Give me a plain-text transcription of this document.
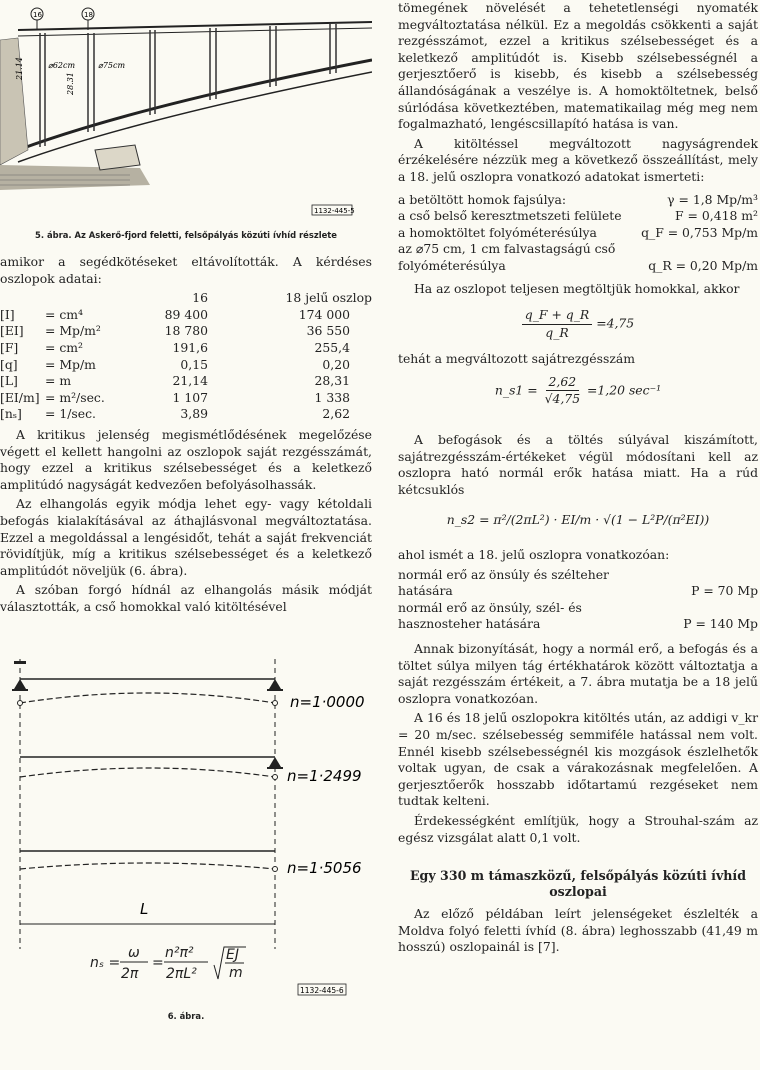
16	18
21.14
28.31
⌀62cm	⌀75cm
1132-445-5
5. ábra. Az Askerő-fjord feletti, felsőpályás közúti ívhíd részlete

amikor a segédkötéseket eltávolították. A kérdéses oszlopok adatai:

		16	18 jelű oszlop
[I]	= cm⁴	89 400	174 000
[EI]	= Mp/m²	18 780	36 550
[F]	= cm²	191,6	255,4
[q]	= Mp/m	0,15	0,20
[L]	= m	21,14	28,31
[EI/m]	= m²/sec.	1 107	1 338
[nₛ]	= 1/sec.	3,89	2,62

A kritikus jelenség megismétlődésének megelőzése végett el kellett hangolni az oszlopok saját rezgésszámát, hogy ezzel a kritikus szélsebességet és a keletkező amplitúdó nagyságát kedvezően befolyásolhassák.

Az elhangolás egyik módja lehet egy- vagy kétoldali befogás kialakításával az áthajlásvonal megváltoztatása. Ezzel a megoldással a lengésidőt, tehát a saját frekvenciát rövidítjük, míg a kritikus szélsebességet és a keletkező amplitúdót növeljük (6. ábra).

A szóban forgó hídnál az elhangolás másik módját választották, a cső homokkal való kitöltésével

n=1·0000
n=1·2499
n=1·5056
L
nₛ =
ω
2π
=
n²π²
2πL²
EJ
m
1132-445-6
6. ábra.

tömegének növelését a tehetetlenségi nyomaték megváltoztatása nélkül. Ez a megoldás csökkenti a saját rezgésszámot, ezzel a kritikus szélsebességet és a keletkező amplitúdót is. Kisebb szélsebességnél a gerjesztőerő is kisebb, és kisebb a szélsebesség állandóságának a veszélye is. A homoktöltetnek, belső súrlódása következtében, matematikailag még meg nem fogalmazható, lengéscsillapító hatása is van.

A kitöltéssel megváltozott nagyságrendek érzékelésére nézzük meg a következő összeállítást, mely a 18. jelű oszlopra vonatkozó adatokat ismerteti:

a betöltött homok fajsúlya:	γ = 1,8 Mp/m³
a cső belső keresztmetszeti felülete	F = 0,418 m²
a homoktöltet folyóméterésúlya	q_F = 0,753 Mp/m
az ⌀75 cm, 1 cm falvastagságú cső folyóméterésúlya	q_R = 0,20 Mp/m

Ha az oszlopot teljesen megtöltjük homokkal, akkor

$\frac{q\_F + q\_R}{q\_R} =4,75$

tehát a megváltozott sajátrezgésszám

n_s1 = $\frac{2,62}{√4,75} =1,20$ sec⁻¹

A befogások és a töltés súlyával kiszámított, sajátrezgésszám-értékeket végül módosítani kell az oszlopra ható normál erők hatása miatt. Ha a rúd kétcsuklós

n_s2 = π²/(2πL²) · EI/m · √(1 − L²P/(π²EI))

ahol ismét a 18. jelű oszlopra vonatkozóan:

normál erő az önsúly és szélteher hatására	P = 70 Mp
normál erő az önsúly, szél- és hasznosteher hatására	P = 140 Mp

Annak bizonyítását, hogy a normál erő, a befogás és a töltet súlya milyen tág értékhatárok között változtatja a saját rezgésszám értékeit, a 7. ábra mutatja be a 18 jelű oszlopra vonatkozóan.

A 16 és 18 jelű oszlopokra kitöltés után, az addigi v_kr = 20 m/sec. szélsebesség semmiféle hatással nem volt. Ennél kisebb szélsebességnél kis mozgások észlelhetők voltak ugyan, de csak a várakozásnak megfelelően. A gerjesztőerők hosszabb időtartamú rezgéseket nem tudtak kelteni.

Érdekességként említjük, hogy a Strouhal-szám az egész vizsgálat alatt 0,1 volt.

Egy 330 m támaszközű, felsőpályás közúti ívhíd oszlopai

Az előző példában leírt jelenségeket észlelték a Moldva folyó feletti ívhíd (8. ábra) leghosszabb (41,49 m hosszú) oszlopainál is [7].
